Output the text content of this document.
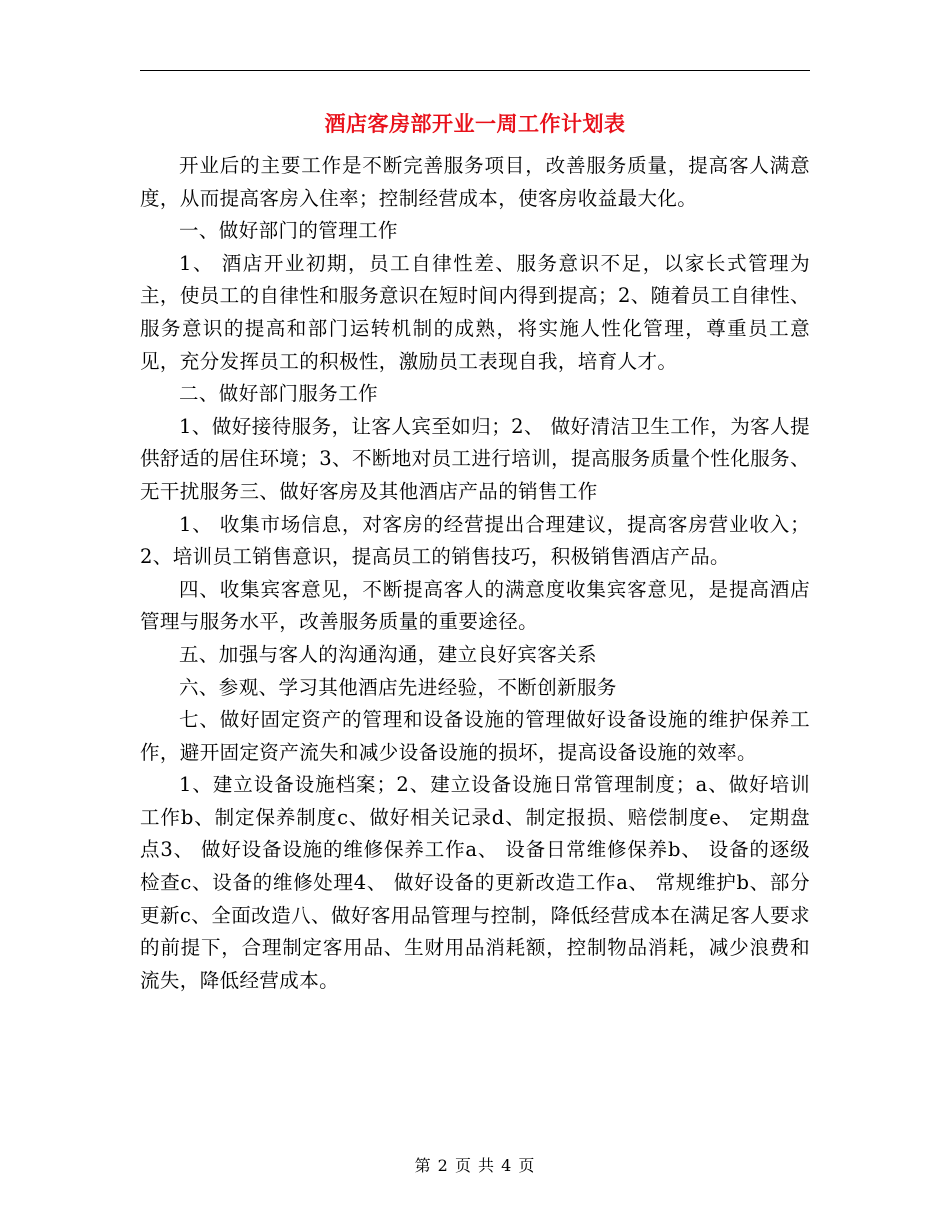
酒店客房部开业一周工作计划表

开业后的主要工作是不断完善服务项目，改善服务质量，提高客人满意度，从而提高客房入住率；控制经营成本，使客房收益最大化。

一、做好部门的管理工作

1、 酒店开业初期，员工自律性差、服务意识不足，以家长式管理为主，使员工的自律性和服务意识在短时间内得到提高；2、随着员工自律性、服务意识的提高和部门运转机制的成熟，将实施人性化管理，尊重员工意见，充分发挥员工的积极性，激励员工表现自我，培育人才。

二、做好部门服务工作

1、做好接待服务，让客人宾至如归；2、 做好清洁卫生工作，为客人提供舒适的居住环境；3、不断地对员工进行培训，提高服务质量个性化服务、无干扰服务三、做好客房及其他酒店产品的销售工作

1、 收集市场信息，对客房的经营提出合理建议，提高客房营业收入；2、培训员工销售意识，提高员工的销售技巧，积极销售酒店产品。

四、收集宾客意见，不断提高客人的满意度收集宾客意见，是提高酒店管理与服务水平，改善服务质量的重要途径。

五、加强与客人的沟通沟通，建立良好宾客关系

六、参观、学习其他酒店先进经验，不断创新服务

七、做好固定资产的管理和设备设施的管理做好设备设施的维护保养工作，避开固定资产流失和减少设备设施的损坏，提高设备设施的效率。

1、建立设备设施档案；2、建立设备设施日常管理制度；a、做好培训工作b、制定保养制度c、做好相关记录d、制定报损、赔偿制度e、 定期盘点3、 做好设备设施的维修保养工作a、 设备日常维修保养b、 设备的逐级检查c、设备的维修处理4、 做好设备的更新改造工作a、 常规维护b、部分更新c、全面改造八、做好客用品管理与控制，降低经营成本在满足客人要求的前提下，合理制定客用品、生财用品消耗额，控制物品消耗，减少浪费和流失，降低经营成本。

第 2 页 共 4 页
